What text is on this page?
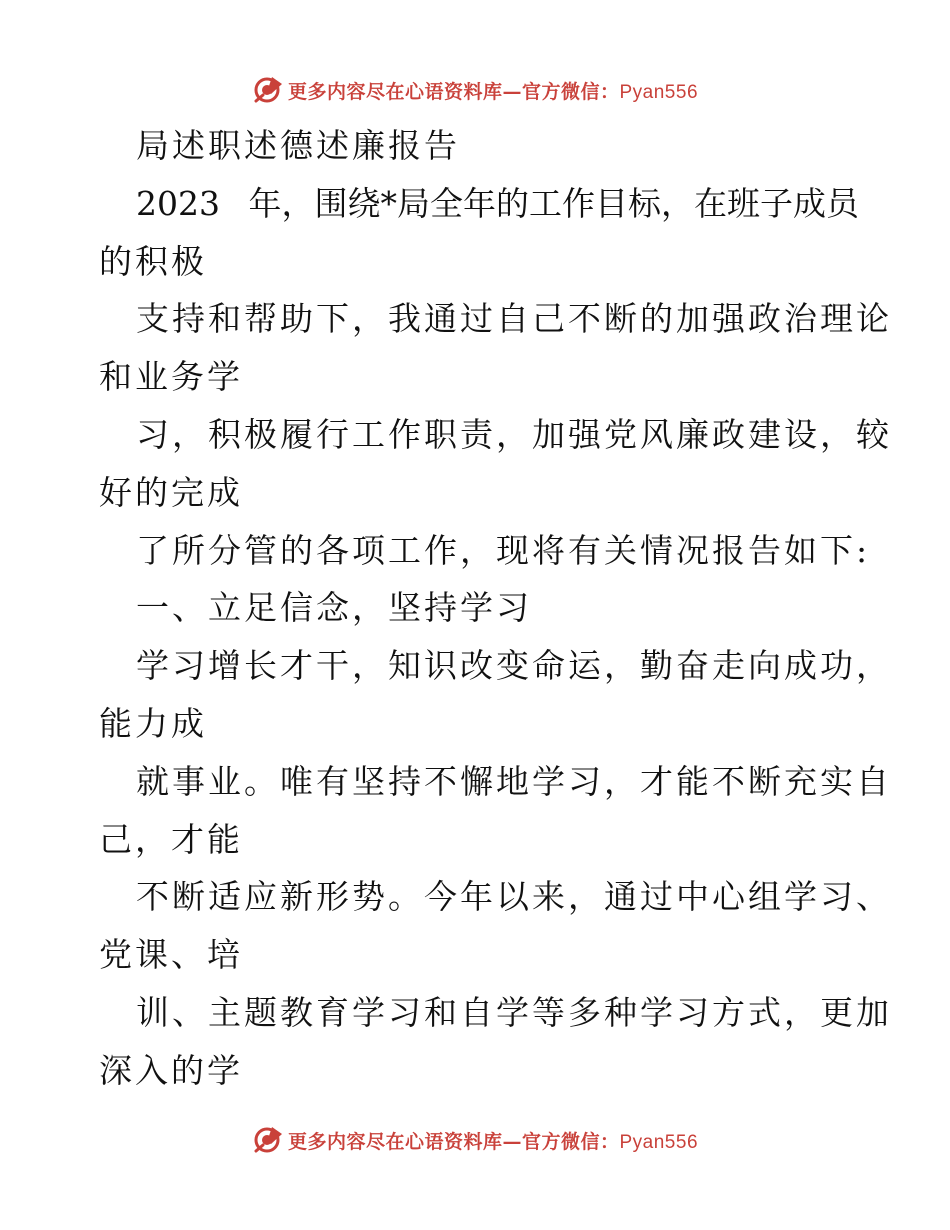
更多内容尽在心语资料库—官方微信：Pyan556
局述职述德述廉报告
2023 年，围绕*局全年的工作目标，在班子成员
的积极
支持和帮助下，我通过自己不断的加强政治理论
和业务学
习，积极履行工作职责，加强党风廉政建设，较
好的完成
了所分管的各项工作，现将有关情况报告如下:
一、立足信念，坚持学习
学习增长才干，知识改变命运，勤奋走向成功，
能力成
就事业。唯有坚持不懈地学习，才能不断充实自
己，才能
不断适应新形势。今年以来，通过中心组学习、
党课、培
训、主题教育学习和自学等多种学习方式，更加
深入的学
更多内容尽在心语资料库—官方微信：Pyan556
